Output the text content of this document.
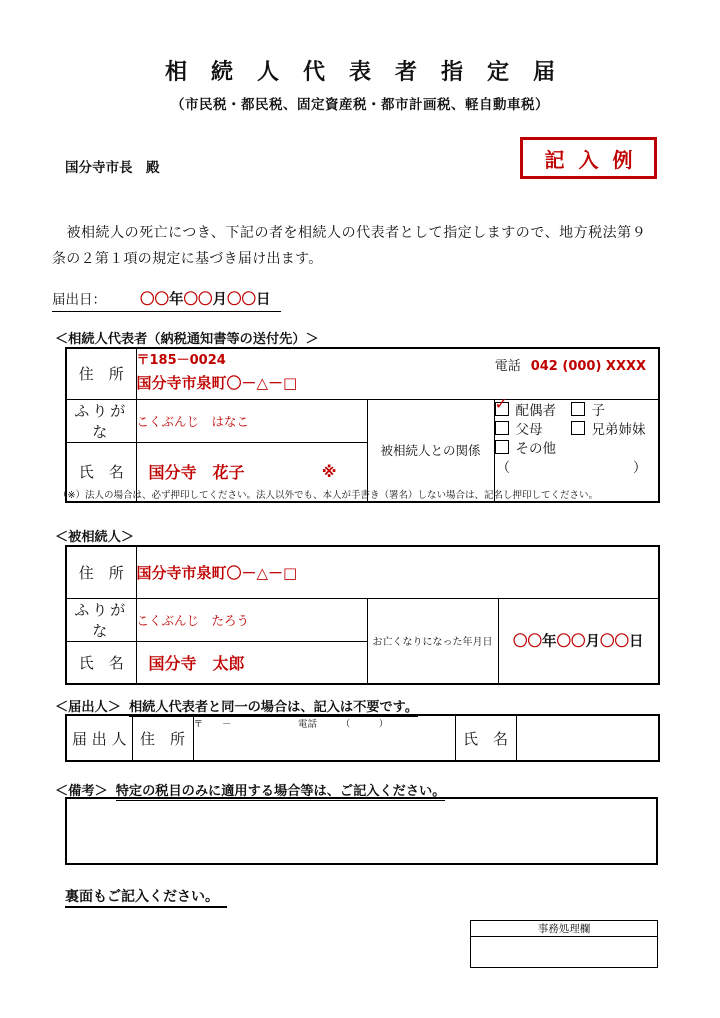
相続人代表者指定届
（市民税・都民税、固定資産税・都市計画税、軽自動車税）
記入例
国分寺市長　殿
　被相続人の死亡につき、下記の者を相続人の代表者として指定しますので、地方税法第９条の２第１項の規定に基づき届け出ます。
届出日： 〇〇年〇〇月〇〇日
＜相続人代表者（納税通知書等の送付先）＞
住　所	〒185－0024
国分寺市泉町〇－△－□
電話 042 (000) XXXX		

ふりがな	こくぶんじ　はなこ	被相続人との関係	
✓ 配偶者	子
父母	兄弟姉妹
その他
（	）

氏　名	国分寺　花子 ※		
（※）法人の場合は、必ず押印してください。法人以外でも、本人が手書き（署名）しない場合は、記名し押印してください。
＜被相続人＞
住　所	国分寺市泉町〇－△－□		
ふりがな	こくぶんじ　たろう	お亡くなりになった年月日	〇〇年〇〇月〇〇日
氏　名	国分寺　太郎		
＜届出人＞ 相続人代表者と同一の場合は、記入は不要です。
届 出 人	住　所	〒　　－　　　　　　　電話　　　（　　　）	氏　名	
＜備考＞ 特定の税目のみに適用する場合等は、ご記入ください。
裏面もご記入ください。
事務処理欄
